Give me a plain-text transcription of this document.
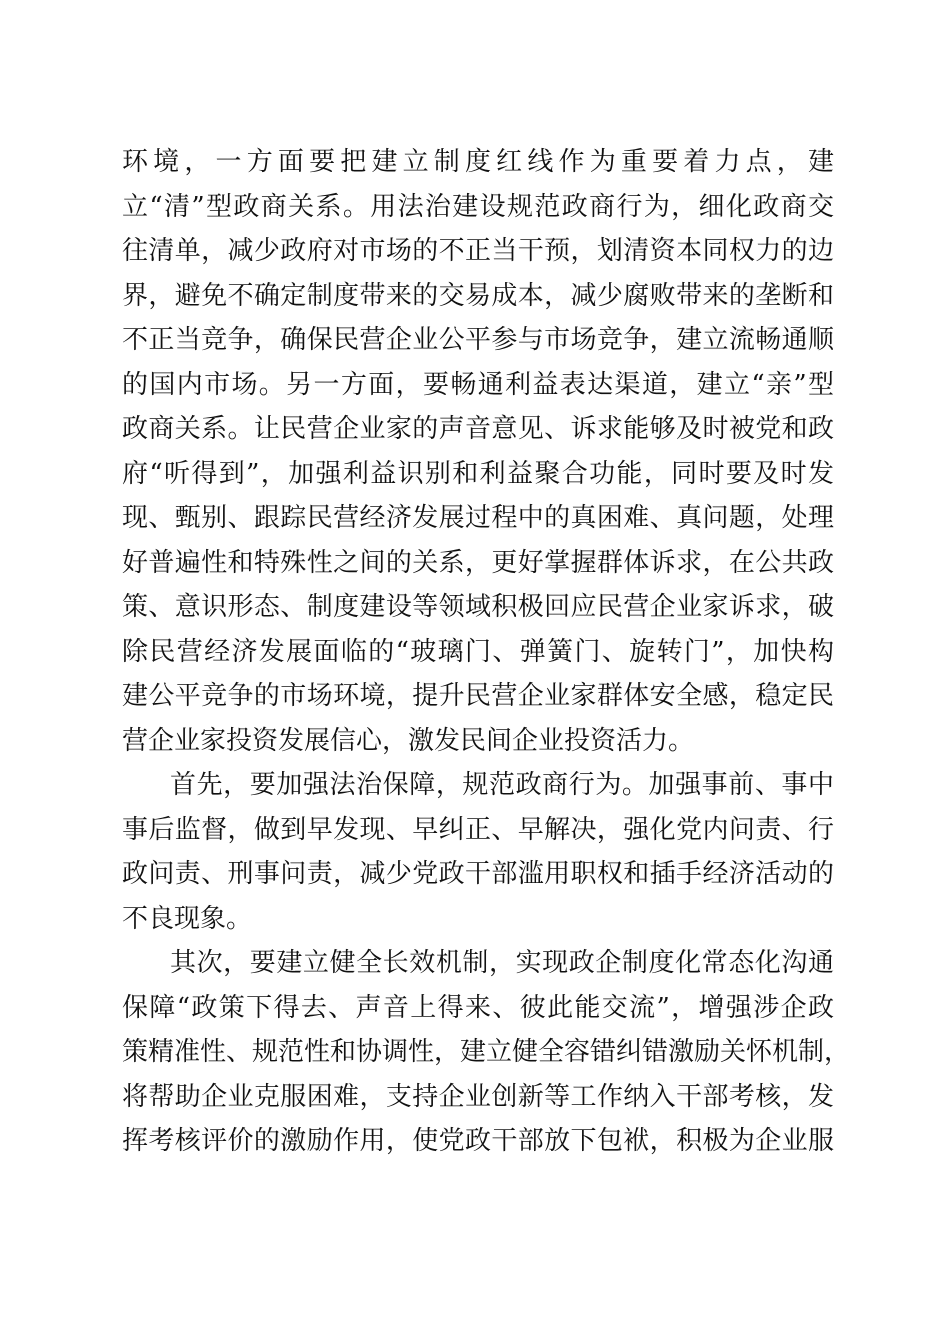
环境，一方面要把建立制度红线作为重要着力点，建
立“清”型政商关系。用法治建设规范政商行为，细化政商交
往清单，减少政府对市场的不正当干预，划清资本同权力的边
界，避免不确定制度带来的交易成本，减少腐败带来的垄断和
不正当竞争，确保民营企业公平参与市场竞争，建立流畅通顺
的国内市场。另一方面，要畅通利益表达渠道，建立“亲”型
政商关系。让民营企业家的声音意见、诉求能够及时被党和政
府“听得到”，加强利益识别和利益聚合功能，同时要及时发
现、甄别、跟踪民营经济发展过程中的真困难、真问题，处理
好普遍性和特殊性之间的关系，更好掌握群体诉求，在公共政
策、意识形态、制度建设等领域积极回应民营企业家诉求，破
除民营经济发展面临的“玻璃门、弹簧门、旋转门”，加快构
建公平竞争的市场环境，提升民营企业家群体安全感，稳定民
营企业家投资发展信心，激发民间企业投资活力。
首先，要加强法治保障，规范政商行为。加强事前、事中
事后监督，做到早发现、早纠正、早解决，强化党内问责、行
政问责、刑事问责，减少党政干部滥用职权和插手经济活动的
不良现象。
其次，要建立健全长效机制，实现政企制度化常态化沟通
保障“政策下得去、声音上得来、彼此能交流”，增强涉企政
策精准性、规范性和协调性，建立健全容错纠错激励关怀机制，
将帮助企业克服困难，支持企业创新等工作纳入干部考核，发
挥考核评价的激励作用，使党政干部放下包袱，积极为企业服
